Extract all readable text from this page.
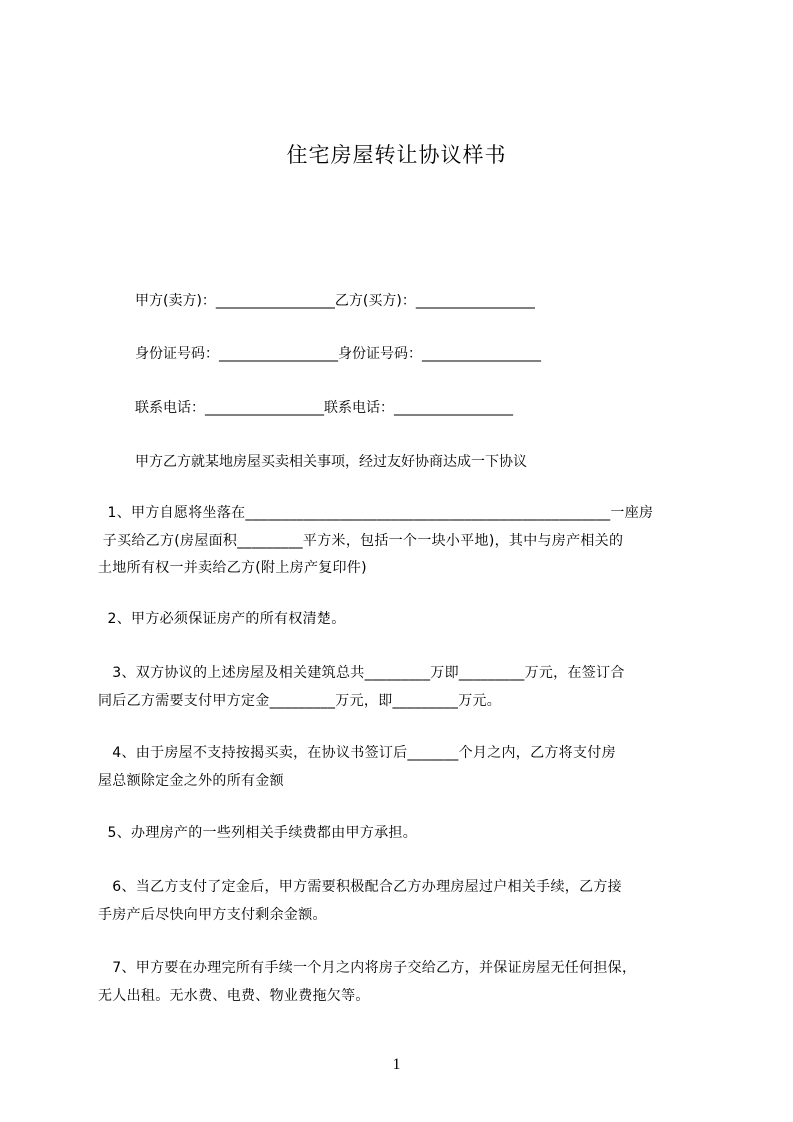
住宅房屋转让协议样书
甲方(卖方)：_________________乙方(买方)：_________________
身份证号码：_________________身份证号码：_________________
联系电话：_________________联系电话：_________________
甲方乙方就某地房屋买卖相关事项，经过友好协商达成一下协议
1、甲方自愿将坐落在__________________________________________________一座房
子买给乙方(房屋面积_________平方米，包括一个一块小平地)，其中与房产相关的
土地所有权一并卖给乙方(附上房产复印件)
2、甲方必须保证房产的所有权清楚。
3、双方协议的上述房屋及相关建筑总共_________万即_________万元，在签订合
同后乙方需要支付甲方定金_________万元，即_________万元。
4、由于房屋不支持按揭买卖，在协议书签订后_______个月之内，乙方将支付房
屋总额除定金之外的所有金额
5、办理房产的一些列相关手续费都由甲方承担。
6、当乙方支付了定金后，甲方需要积极配合乙方办理房屋过户相关手续，乙方接
手房产后尽快向甲方支付剩余金额。
7、甲方要在办理完所有手续一个月之内将房子交给乙方，并保证房屋无任何担保，
无人出租。无水费、电费、物业费拖欠等。
1
